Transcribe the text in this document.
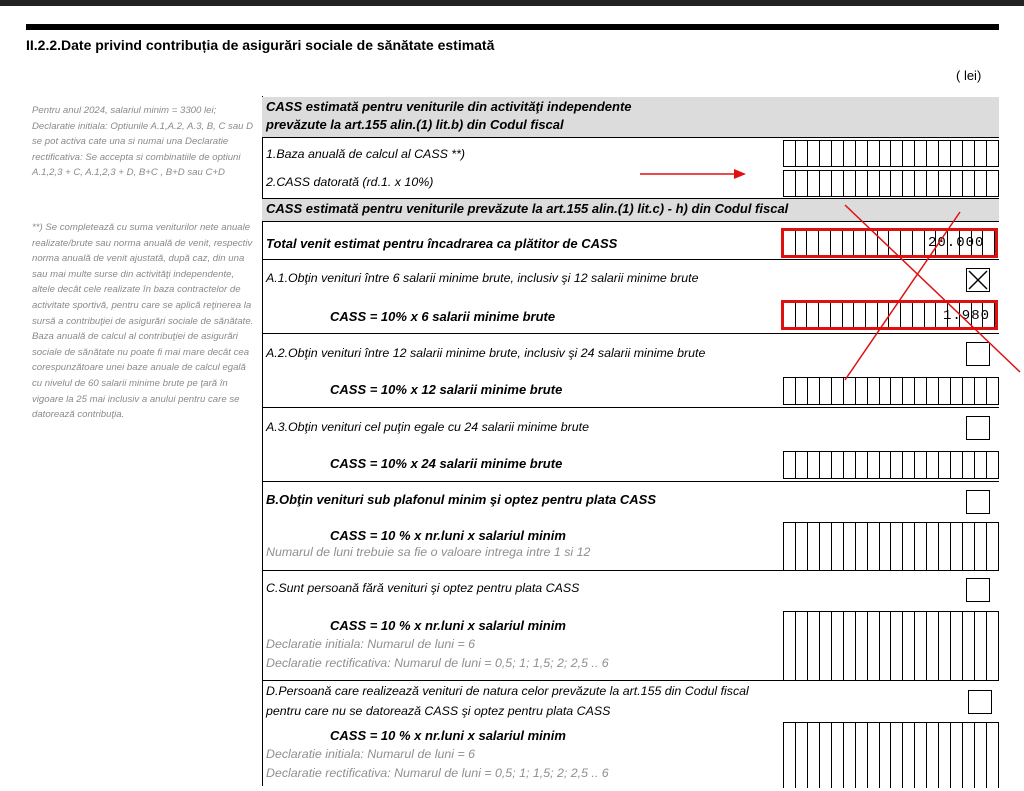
II.2.2.Date privind contribuția de asigurări sociale de sănătate estimată
( lei)
Pentru anul 2024, salariul minim = 3300 lei; Declaratie initiala: Optiunile A.1,A.2, A.3, B, C sau D se pot activa cate una si numai una Declaratie rectificativa: Se accepta si combinatiile de optiuni A.1,2,3 + C, A.1,2,3 + D, B+C , B+D sau C+D
**) Se completează cu suma veniturilor nete anuale realizate/brute sau norma anuală de venit, respectiv norma anuală de venit ajustată, după caz, din una sau mai multe surse din activităţi independente, altele decât cele realizate în baza contractelor de activitate sportivă, pentru care se aplică reţinerea la sursă a contribuţiei de asigurări sociale de sănătate. Baza anuală de calcul al contribuţiei de asigurări sociale de sănătate nu poate fi mai mare decât cea corespunzătoare unei baze anuale de calcul egală cu nivelul de 60 salarii minime brute pe ţară în vigoare la 25 mai inclusiv a anului pentru care se datorează contribuţia.
CASS estimată pentru veniturile din activităţi independente
prevăzute la art.155 alin.(1) lit.b) din Codul fiscal
1.Baza anuală de calcul al CASS **)
2.CASS datorată (rd.1. x 10%)
CASS estimată pentru veniturile prevăzute la art.155 alin.(1) lit.c) - h) din Codul fiscal
Total venit estimat pentru încadrarea ca plătitor de CASS	20.000
A.1.Obţin venituri între 6 salarii minime brute, inclusiv şi 12 salarii minime brute
CASS = 10% x 6 salarii minime brute	1.980
A.2.Obţin venituri între 12 salarii minime brute, inclusiv şi 24 salarii minime brute
CASS = 10% x 12 salarii minime brute
A.3.Obţin venituri cel puţin egale cu 24 salarii minime brute
CASS = 10% x 24 salarii minime brute
B.Obţin venituri sub plafonul minim şi optez pentru plata CASS
CASS = 10 % x nr.luni x salariul minim
Numarul de luni trebuie sa fie o valoare intrega intre 1 si 12
C.Sunt persoană fără venituri şi optez pentru plata CASS
CASS = 10 % x nr.luni x salariul minim
Declaratie initiala: Numarul de luni = 6
Declaratie rectificativa: Numarul de luni = 0,5; 1; 1,5; 2; 2,5 .. 6
D.Persoană care realizează venituri de natura celor prevăzute la art.155 din Codul fiscal
pentru care nu se datorează CASS şi optez pentru plata CASS
CASS = 10 % x nr.luni x salariul minim
Declaratie initiala: Numarul de luni = 6
Declaratie rectificativa: Numarul de luni = 0,5; 1; 1,5; 2; 2,5 .. 6
